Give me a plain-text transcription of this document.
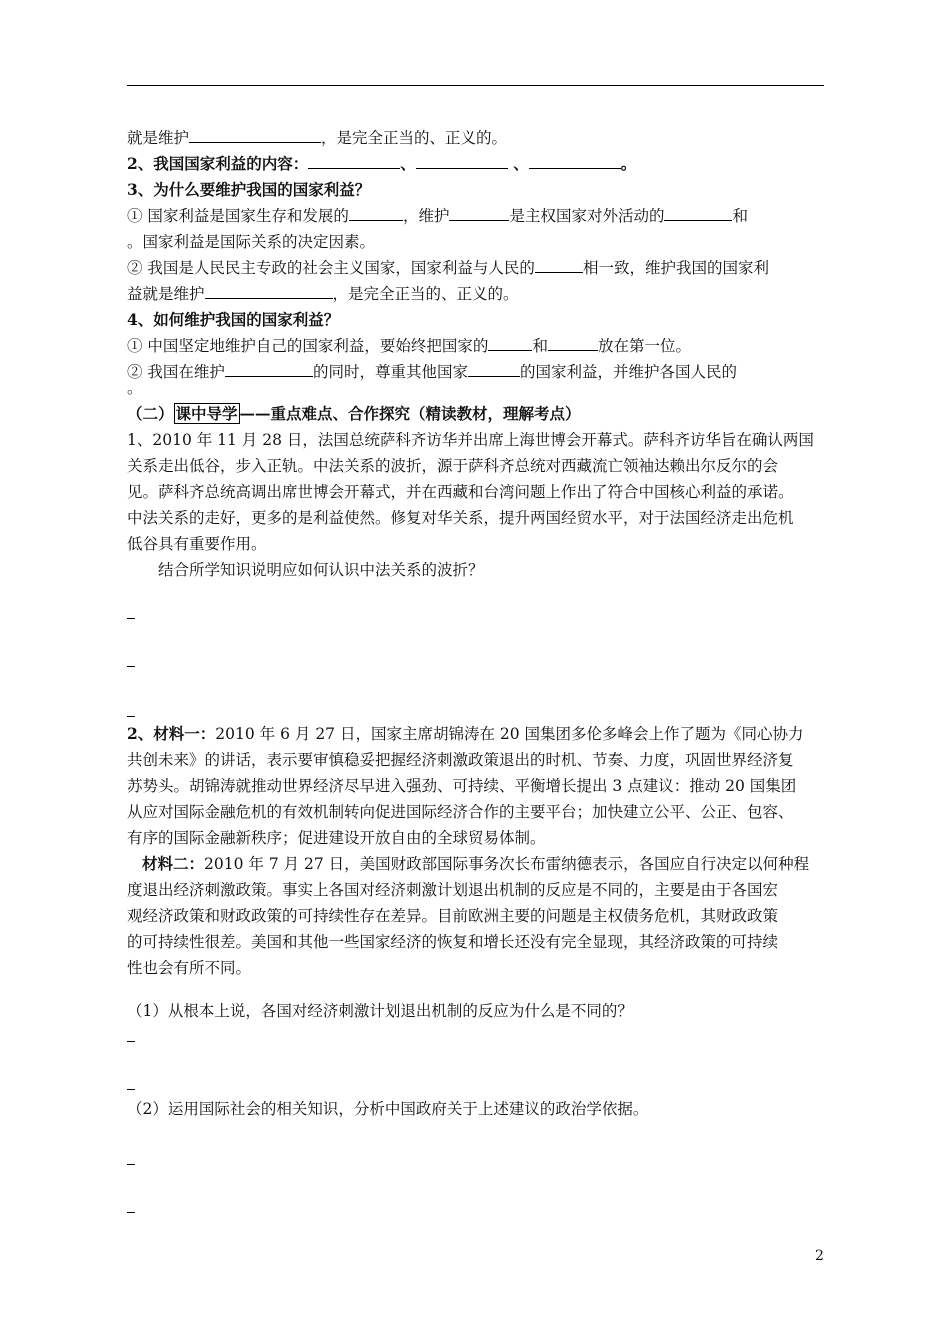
就是维护	，是完全正当的、正义的。
2、我国国家利益的内容：	、	、	。
3、为什么要维护我国的国家利益？
① 国家利益是国家生存和发展的	，维护	是主权国家对外活动的	和
。国家利益是国际关系的决定因素。
② 我国是人民民主专政的社会主义国家，国家利益与人民的	相一致，维护我国的国家利
益就是维护	，是完全正当的、正义的。
4、如何维护我国的国家利益？
① 中国坚定地维护自己的国家利益，要始终把国家的	和	放在第一位。
② 我国在维护	的同时，尊重其他国家	的国家利益，并维护各国人民的
。
（二） 课中导学 ——重点难点、合作探究（精读教材，理解考点）
1、2010 年 11 月 28 日，法国总统萨科齐访华并出席上海世博会开幕式。萨科齐访华旨在确认两国
关系走出低谷，步入正轨。中法关系的波折，源于萨科齐总统对西藏流亡领袖达赖出尔反尔的会
见。萨科齐总统高调出席世博会开幕式，并在西藏和台湾问题上作出了符合中国核心利益的承诺。
中法关系的走好，更多的是利益使然。修复对华关系，提升两国经贸水平，对于法国经济走出危机
低谷具有重要作用。
结合所学知识说明应如何认识中法关系的波折？
2、材料一：2010 年 6 月 27 日，国家主席胡锦涛在 20 国集团多伦多峰会上作了题为《同心协力
共创未来》的讲话，表示要审慎稳妥把握经济刺激政策退出的时机、节奏、力度，巩固世界经济复
苏势头。胡锦涛就推动世界经济尽早进入强劲、可持续、平衡增长提出 3 点建议：推动 20 国集团
从应对国际金融危机的有效机制转向促进国际经济合作的主要平台；加快建立公平、公正、包容、
有序的国际金融新秩序；促进建设开放自由的全球贸易体制。
材料二：2010 年 7 月 27 日，美国财政部国际事务次长布雷纳德表示，各国应自行决定以何种程
度退出经济刺激政策。事实上各国对经济刺激计划退出机制的反应是不同的，主要是由于各国宏
观经济政策和财政政策的可持续性存在差异。目前欧洲主要的问题是主权债务危机，其财政政策
的可持续性很差。美国和其他一些国家经济的恢复和增长还没有完全显现，其经济政策的可持续
性也会有所不同。
（1）从根本上说，各国对经济刺激计划退出机制的反应为什么是不同的？
（2）运用国际社会的相关知识，分析中国政府关于上述建议的政治学依据。
2
